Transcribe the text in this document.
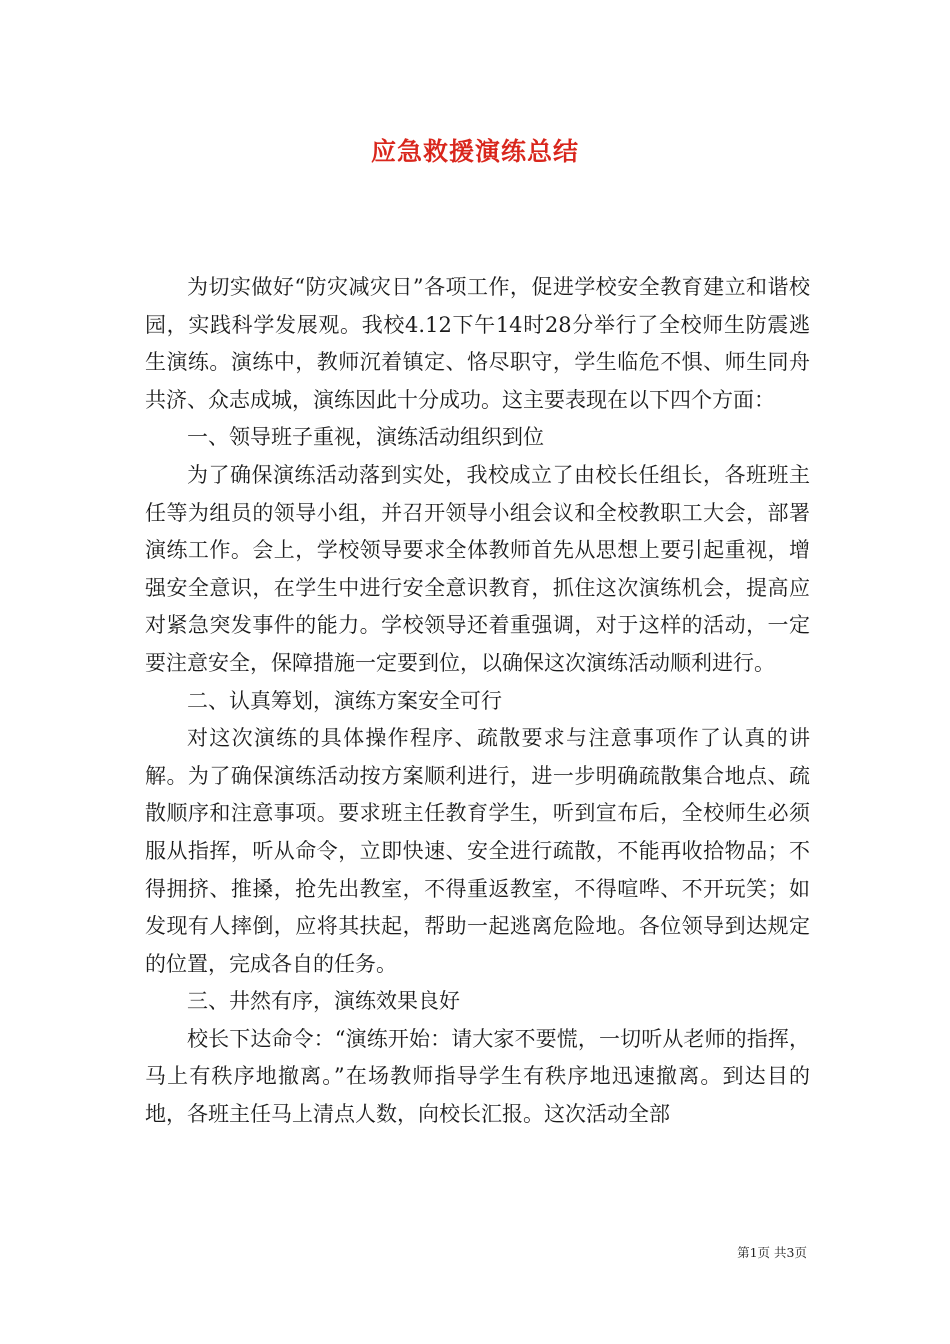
应急救援演练总结

为切实做好“防灾减灾日”各项工作，促进学校安全教育建立和谐校园，实践科学发展观。我校4.12下午14时28分举行了全校师生防震逃生演练。演练中，教师沉着镇定、恪尽职守，学生临危不惧、师生同舟共济、众志成城，演练因此十分成功。这主要表现在以下四个方面：

一、领导班子重视，演练活动组织到位

为了确保演练活动落到实处，我校成立了由校长任组长，各班班主任等为组员的领导小组，并召开领导小组会议和全校教职工大会，部署演练工作。会上，学校领导要求全体教师首先从思想上要引起重视，增强安全意识，在学生中进行安全意识教育，抓住这次演练机会，提高应对紧急突发事件的能力。学校领导还着重强调，对于这样的活动，一定要注意安全，保障措施一定要到位，以确保这次演练活动顺利进行。

二、认真筹划，演练方案安全可行

对这次演练的具体操作程序、疏散要求与注意事项作了认真的讲解。为了确保演练活动按方案顺利进行，进一步明确疏散集合地点、疏散顺序和注意事项。要求班主任教育学生，听到宣布后，全校师生必须服从指挥，听从命令，立即快速、安全进行疏散，不能再收拾物品；不得拥挤、推搡，抢先出教室，不得重返教室，不得喧哗、不开玩笑；如发现有人摔倒，应将其扶起，帮助一起逃离危险地。各位领导到达规定的位置，完成各自的任务。

三、井然有序，演练效果良好

校长下达命令：“演练开始：请大家不要慌，一切听从老师的指挥，马上有秩序地撤离。”在场教师指导学生有秩序地迅速撤离。到达目的地，各班主任马上清点人数，向校长汇报。这次活动全部

第1页 共3页
